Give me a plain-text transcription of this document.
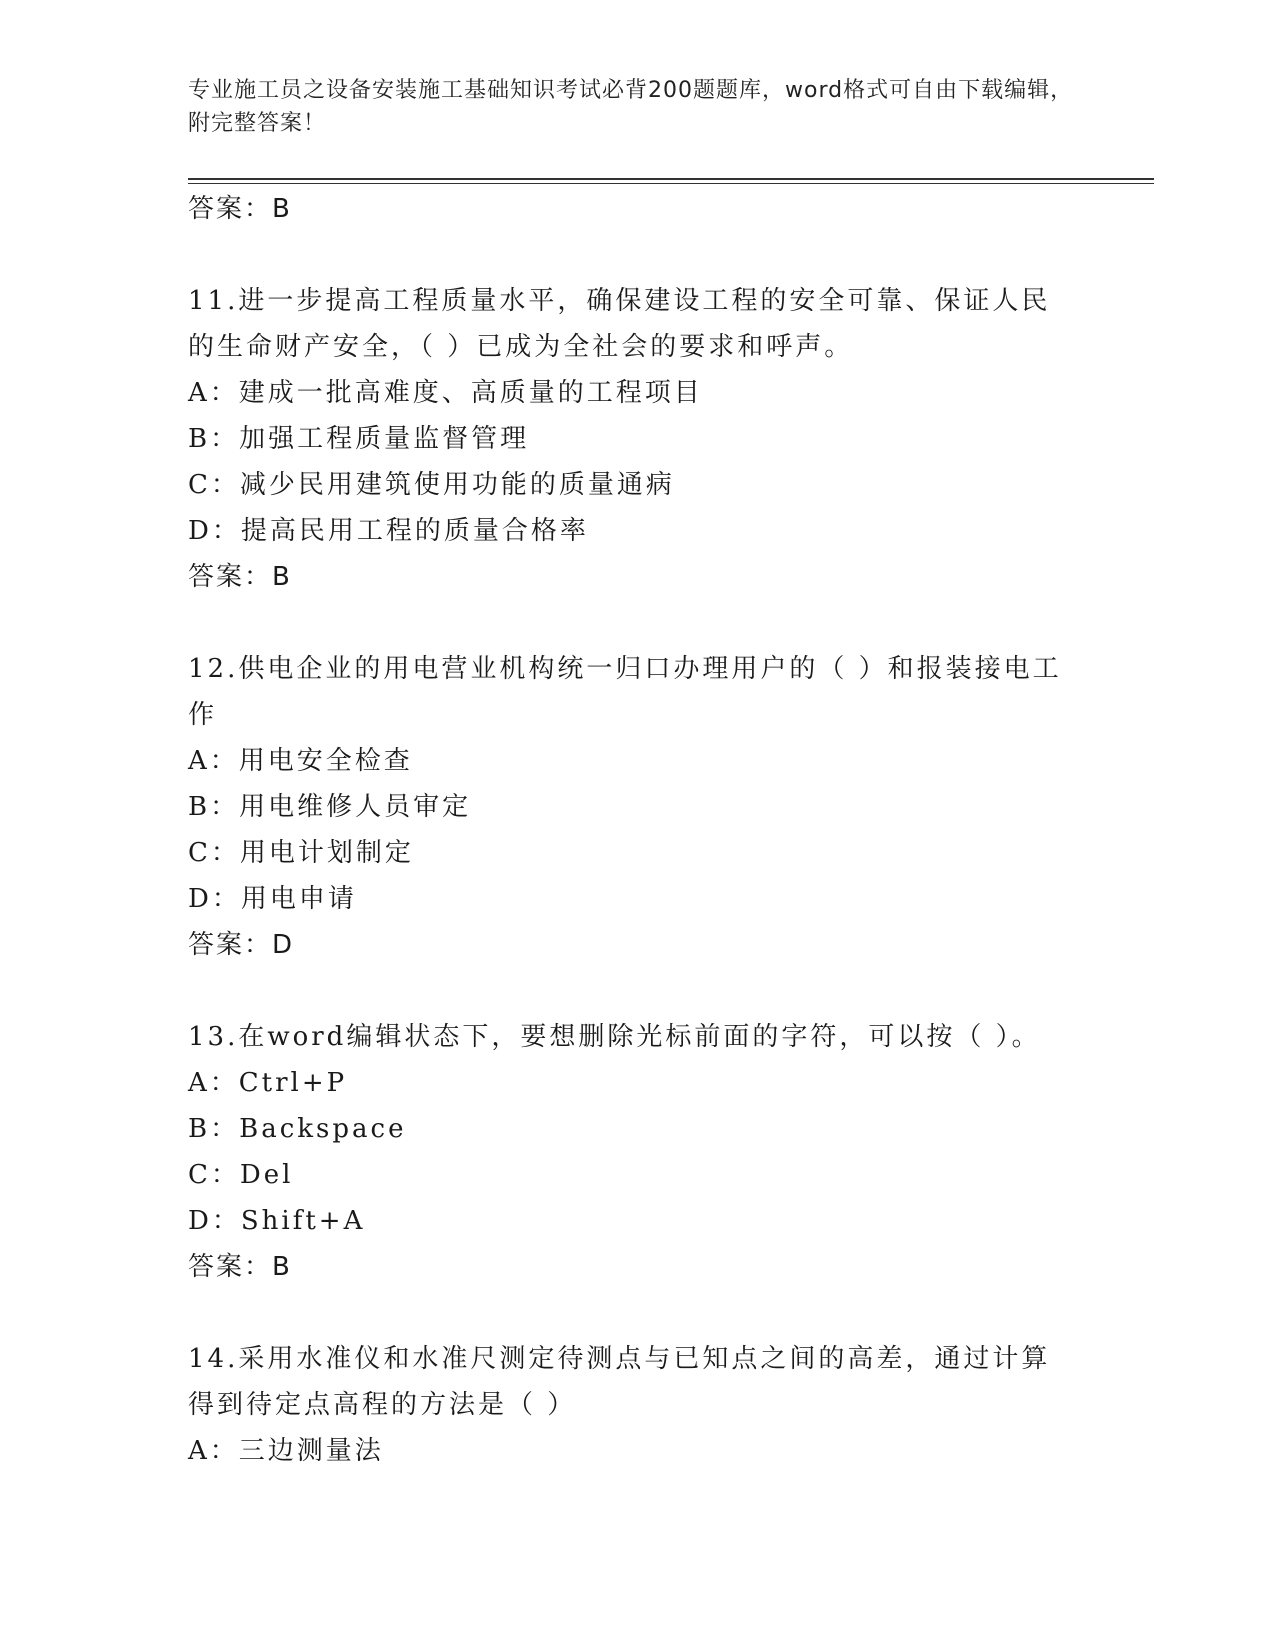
专业施工员之设备安装施工基础知识考试必背200题题库，word格式可自由下载编辑，附完整答案！
答案：B
11.进一步提高工程质量水平，确保建设工程的安全可靠、保证人民的生命财产安全，（ ）已成为全社会的要求和呼声。
A：建成一批高难度、高质量的工程项目
B：加强工程质量监督管理
C：减少民用建筑使用功能的质量通病
D：提高民用工程的质量合格率
答案：B
12.供电企业的用电营业机构统一归口办理用户的（ ）和报装接电工作
A：用电安全检查
B：用电维修人员审定
C：用电计划制定
D：用电申请
答案：D
13.在word编辑状态下，要想删除光标前面的字符，可以按（ ）。
A：Ctrl+P
B：Backspace
C：Del
D：Shift+A
答案：B
14.采用水准仪和水准尺测定待测点与已知点之间的高差，通过计算得到待定点高程的方法是（ ）
A：三边测量法
